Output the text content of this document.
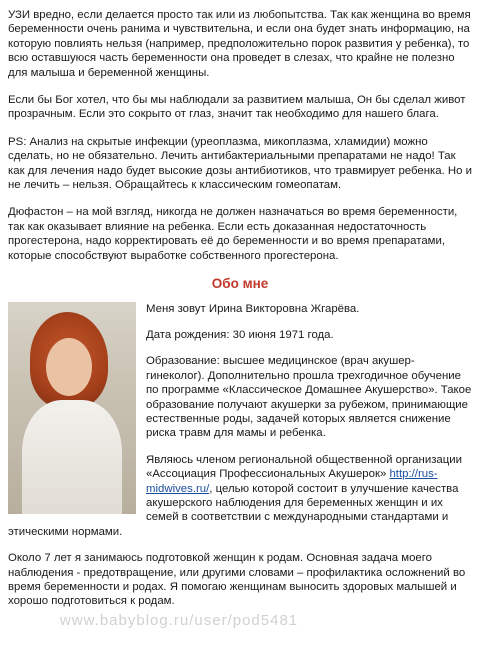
УЗИ вредно, если делается просто так или из любопытства. Так как женщина во время беременности очень ранима и чувствительна, и если она будет знать информацию, на которую повлиять нельзя (например, предположительно порок развития у ребенка), то всю оставшуюся часть беременности она проведет в слезах, что крайне не полезно для малыша и беременной женщины.

Если бы Бог хотел, что бы мы наблюдали за развитием малыша, Он бы сделал живот прозрачным. Если это сокрыто от глаз, значит так необходимо для нашего блага.

PS: Анализ на скрытые инфекции (уреоплазма, микоплазма, хламидии) можно сделать, но не обязательно. Лечить антибактериальными препаратами не надо! Так как для лечения надо будет высокие дозы антибиотиков, что травмирует ребенка. Но и не лечить – нельзя. Обращайтесь к классическим гомеопатам.

Дюфастон – на мой взгляд, никогда не должен назначаться во время беременности, так как оказывает влияние на ребенка. Если есть доказанная недостаточность прогестерона, надо корректировать её до беременности и во время препаратами, которые способствуют выработке собственного прогестерона.

Обо мне

Меня зовут Ирина Викторовна Жгарёва.

Дата рождения: 30 июня 1971 года.

Образование: высшее медицинское (врач акушер-гинеколог). Дополнительно прошла трехгодичное обучение по программе «Классическое Домашнее Акушерство». Такое образование получают акушерки за рубежом, принимающие естественные роды, задачей которых является снижение риска травм для мамы и ребенка.

Являюсь членом региональной общественной организации «Ассоциация Профессиональных Акушерок» http://rus-midwives.ru/, целью которой состоит в улучшение качества акушерского наблюдения для беременных женщин и их семей в соответствии с международными стандартами и этическими нормами.

Около 7 лет я занимаюсь подготовкой женщин к родам. Основная задача моего наблюдения - предотвращение, или другими словами – профилактика осложнений во время беременности и родах. Я помогаю женщинам выносить здоровых малышей и хорошо подготовиться к родам.

www.babyblog.ru/user/pod5481
